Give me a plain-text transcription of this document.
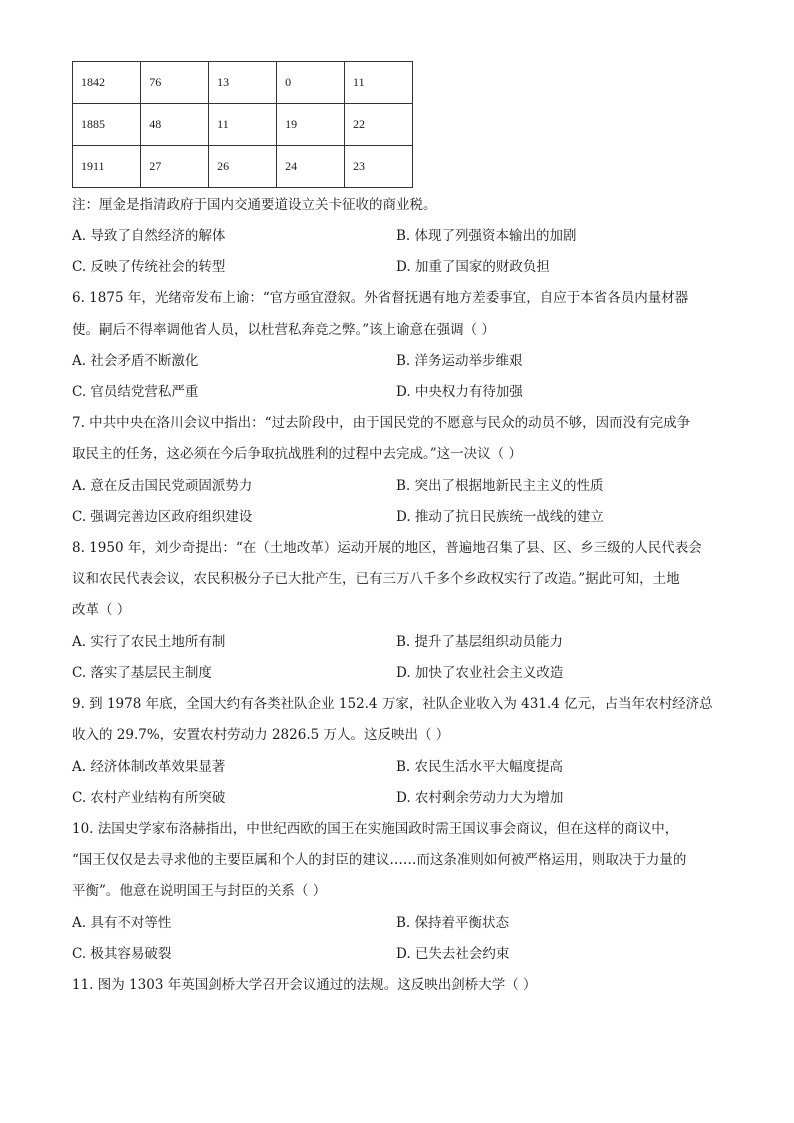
1842	76	13	0	11
1885	48	11	19	22
1911	27	26	24	23
注：厘金是指清政府于国内交通要道设立关卡征收的商业税。
A. 导致了自然经济的解体	B. 体现了列强资本输出的加剧
C. 反映了传统社会的转型	D. 加重了国家的财政负担
6. 1875 年，光绪帝发布上谕：“官方亟宜澄叙。外省督抚遇有地方差委事宜，自应于本省各员内量材器
使。嗣后不得率调他省人员，以杜营私奔竞之弊。”该上谕意在强调（ ）
A. 社会矛盾不断激化	B. 洋务运动举步维艰
C. 官员结党营私严重	D. 中央权力有待加强
7. 中共中央在洛川会议中指出：“过去阶段中，由于国民党的不愿意与民众的动员不够，因而没有完成争
取民主的任务，这必须在今后争取抗战胜利的过程中去完成。”这一决议（ ）
A. 意在反击国民党顽固派势力	B. 突出了根据地新民主主义的性质
C. 强调完善边区政府组织建设	D. 推动了抗日民族统一战线的建立
8. 1950 年，刘少奇提出：“在（土地改革）运动开展的地区，普遍地召集了县、区、乡三级的人民代表会
议和农民代表会议，农民积极分子已大批产生，已有三万八千多个乡政权实行了改造。”据此可知，土地
改革（ ）
A. 实行了农民土地所有制	B. 提升了基层组织动员能力
C. 落实了基层民主制度	D. 加快了农业社会主义改造
9. 到 1978 年底，全国大约有各类社队企业 152.4 万家，社队企业收入为 431.4 亿元，占当年农村经济总
收入的 29.7%，安置农村劳动力 2826.5 万人。这反映出（ ）
A. 经济体制改革效果显著	B. 农民生活水平大幅度提高
C. 农村产业结构有所突破	D. 农村剩余劳动力大为增加
10. 法国史学家布洛赫指出，中世纪西欧的国王在实施国政时需王国议事会商议，但在这样的商议中，
“国王仅仅是去寻求他的主要臣属和个人的封臣的建议……而这条准则如何被严格运用，则取决于力量的
平衡”。他意在说明国王与封臣的关系（ ）
A. 具有不对等性	B. 保持着平衡状态
C. 极其容易破裂	D. 已失去社会约束
11. 图为 1303 年英国剑桥大学召开会议通过的法规。这反映出剑桥大学（ ）
